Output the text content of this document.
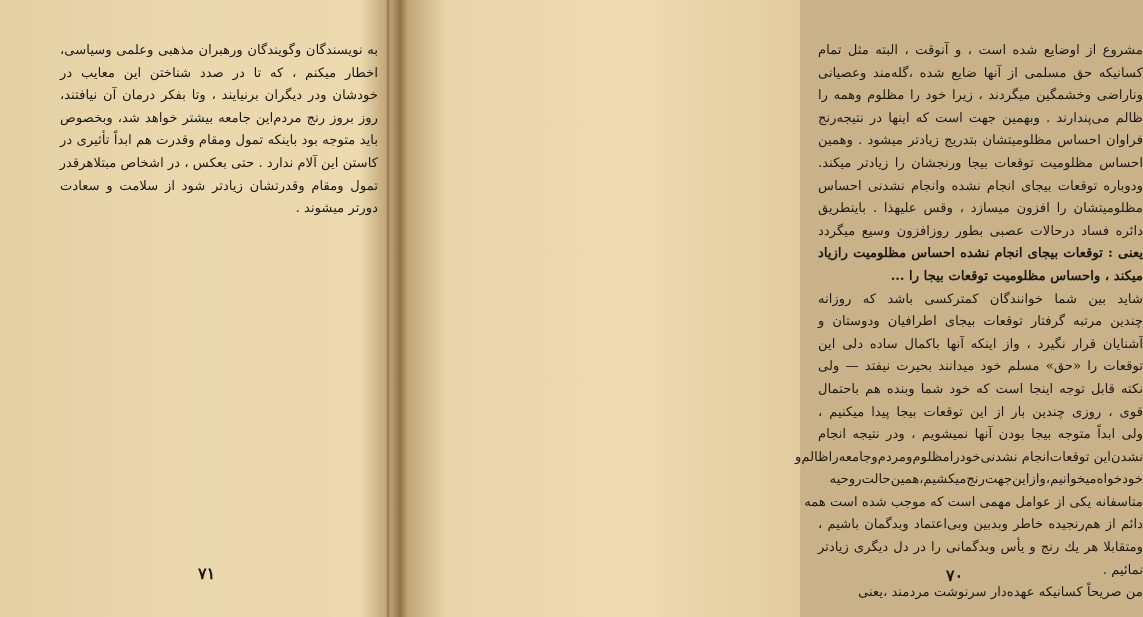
به نویسندگان وگویندگان ورهبران مذهبی وعلمی وسیاسی،
اخطار میکنم ، که تا در صدد شناختن این معایب در
خودشان ودر دیگران برنیایند ، وتا بفکر درمان آن نیافتند،
روز بروز رنج مردم‌این جامعه بیشتر خواهد شد، وبخصوص
باید متوجه بود باینکه تمول ومقام وقدرت هم ابداً تأثیری در
کاستن این آلام ندارد . حتی بعکس ، در اشخاص مبتلاهر‌قدر
تمول ومقام وقدرتشان زیادتر شود از سلامت و سعادت
دورتر میشوند .
۷۱
مشروع از اوضایع شده است ، و آنوقت ، البته مثل تمام
کسانیکه حق مسلمی از آنها ضایع شده ،گله‌مند وعصیانی
وناراضی وخشمگین میگردند ، زیرا خود را مظلوم وهمه را
ظالم می‌پندارند . وبهمین جهت است که اینها در نتیجه‌رنج
فراوان احساس مظلومیتشان بتدریج زیادتر میشود . وهمین
احساس مظلومیت توقعات بیجا ورنجشان را زیادتر میکند.
ودوباره توقعات بیجای انجام نشده وانجام نشدنی احساس
مظلومیتشان را افزون میسازد ، وقس علیهذا . باینطریق
دائره فساد درحالات عصبی بطور روزافزون وسیع میگردد
یعنی : توقعات بیجای انجام نشده احساس مظلومیت رازیاد
میکند ، واحساس مظلومیت توقعات بیجا را ...
شاید بین شما خوانندگان کمترکسی باشد که روزانه
چندین مرتبه گرفتار توقعات بیجای اطرافیان ودوستان و
آشنایان قرار نگیرد ، واز اینکه آنها باکمال ساده دلی این
توقعات را «حق» مسلم خود میدانند بحیرت نیفتد — ولی
نکته قابل توجه اینجا است که خود شما وبنده هم باحتمال
قوی ، روزی چندین بار از این توقعات بیجا پیدا میکنیم ،
ولی ابداً متوجه بیجا بودن آنها نمیشویم ، ودر نتیجه انجام
نشدن‌این توقعات‌انجام نشدنی‌خود‌را‌مظلوم‌ومردم‌وجامعه‌را‌ظالم‌و
خودخواه‌میخوانیم،وازاین‌جهت‌رنج‌میکشیم،همین‌حالت‌روحیه
متاسفانه یکی از عوامل مهمی است که موجب شده است همه
دائم از هم‌رنجیده خاطر وبدبین وبی‌اعتماد وبدگمان باشیم ،
ومتقابلا هر یك رنج و یأس وبدگمانی را در دل دیگری زیادتر
نمائیم .
من صریحاً کسانیکه عهده‌دار سرنوشت مردمند ،یعنی
۷۰
